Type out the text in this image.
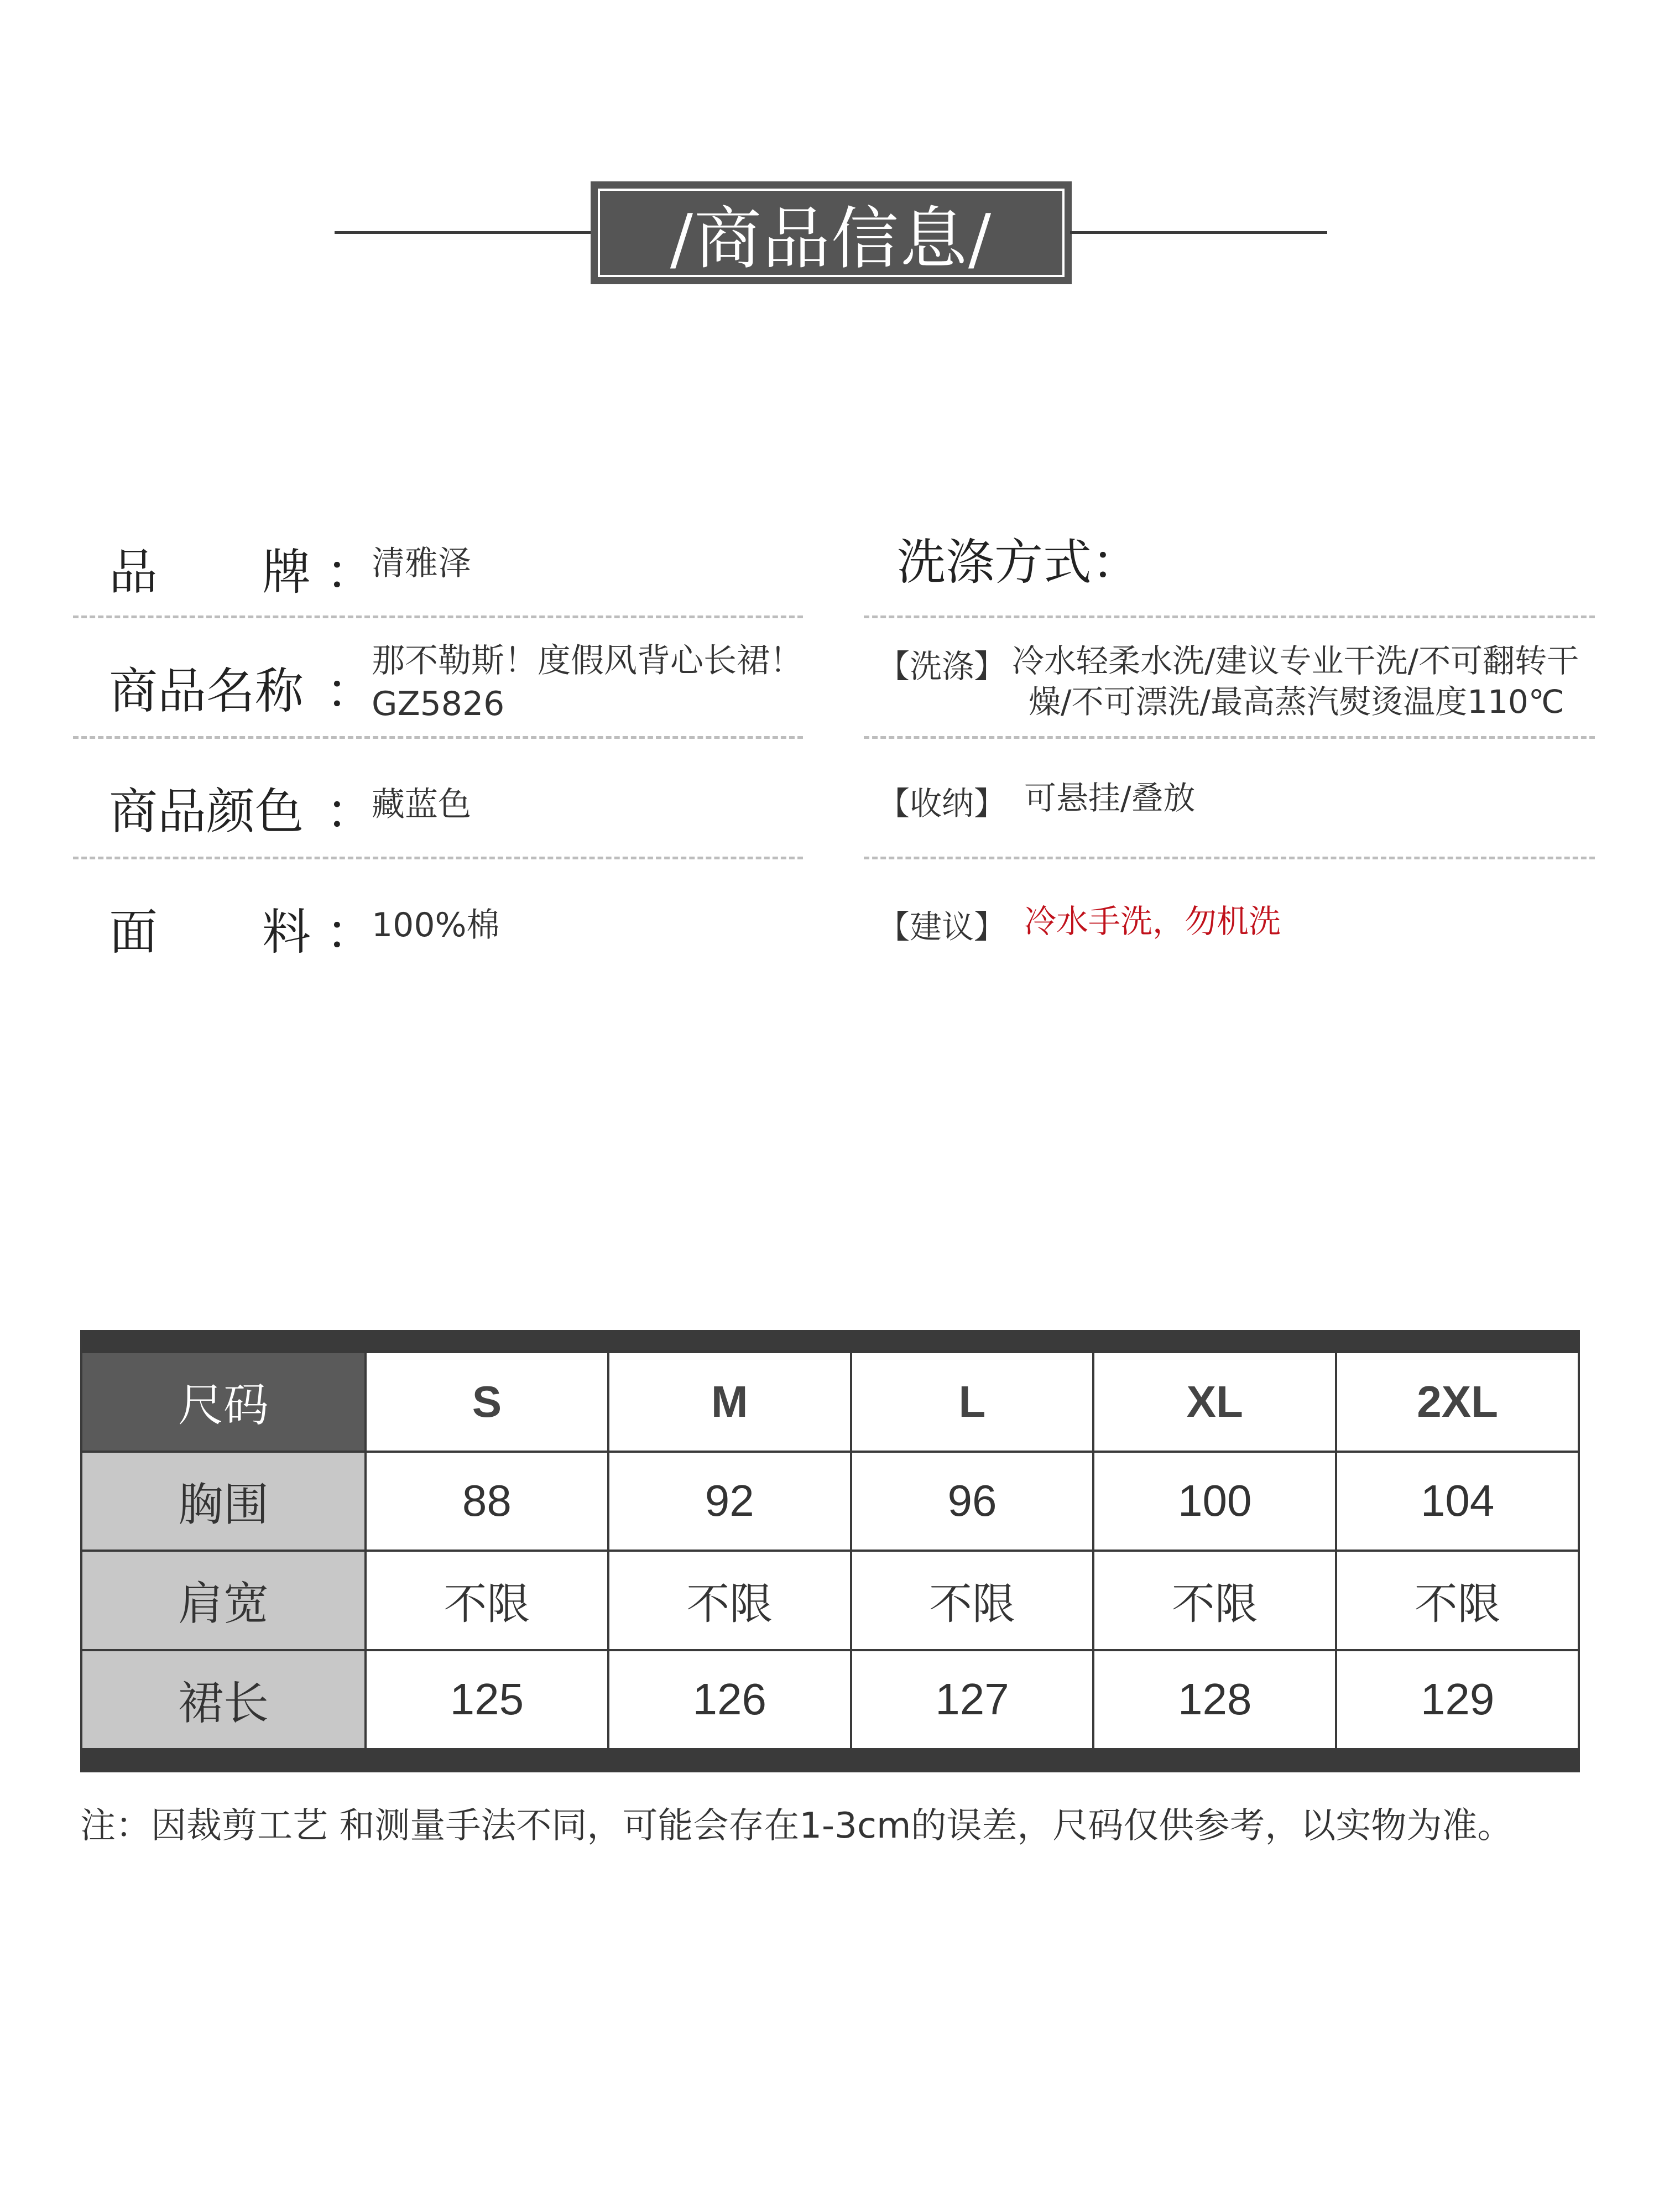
/商品信息/
品 牌 ：
清雅泽
商品名称 ：
那不勒斯！度假风背心长裙！
GZ5826
商品颜色 ：
藏蓝色
面 料 ：
100%棉
洗涤方式：
【洗涤】 冷水轻柔水洗/建议专业干洗/不可翻转干
燥/不可漂洗/最高蒸汽熨烫温度110℃
【收纳】 可悬挂/叠放
【建议】 冷水手洗，勿机洗
尺码	S	M	L	XL	2XL
胸围	88	92	96	100	104
肩宽	不限	不限	不限	不限	不限
裙长	125	126	127	128	129
注：因裁剪工艺 和测量手法不同，可能会存在1-3cm的误差，尺码仅供参考，以实物为准。
